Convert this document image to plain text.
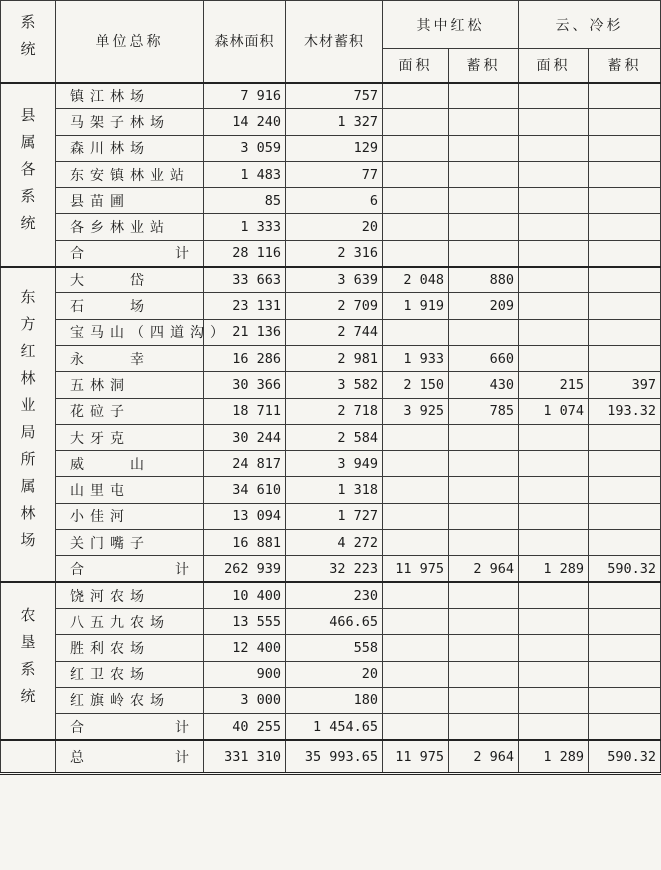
系统	单位总称	森林面积	木材蓄积	其中红松		云、冷杉	
				面积	蓄积	面积	蓄积
县属各系统	镇江林场	7 916	757				
	马架子林场	14 240	1 327				
	森川林场	3 059	129				
	东安镇林业站	1 483	77				
	县苗圃	85	6				
	各乡林业站	1 333	20				

	合 计	28 116	2 316				
东方红林业局所属林场	大　　岱	33 663	3 639	2 048	880		
	石　　场	23 131	2 709	1 919	209		
	宝马山（四道沟）	21 136	2 744				
	永　　幸	16 286	2 981	1 933	660		
	五林洞	30 366	3 582	2 150	430	215	397
	花砬子	18 711	2 718	3 925	785	1 074	193.32
	大牙克	30 244	2 584				
	威　　山	24 817	3 949				
	山里屯	34 610	1 318				
	小佳河	13 094	1 727				
	关门嘴子	16 881	4 272				

	合 计	262 939	32 223	11 975	2 964	1 289	590.32
农垦系统	饶河农场	10 400	230				
	八五九农场	13 555	466.65				
	胜利农场	12 400	558				
	红卫农场	900	20				
	红旗岭农场	3 000	180				

	合 计	40 255	1 454.65				

	总 计	331 310	35 993.65	11 975	2 964	1 289	590.32
